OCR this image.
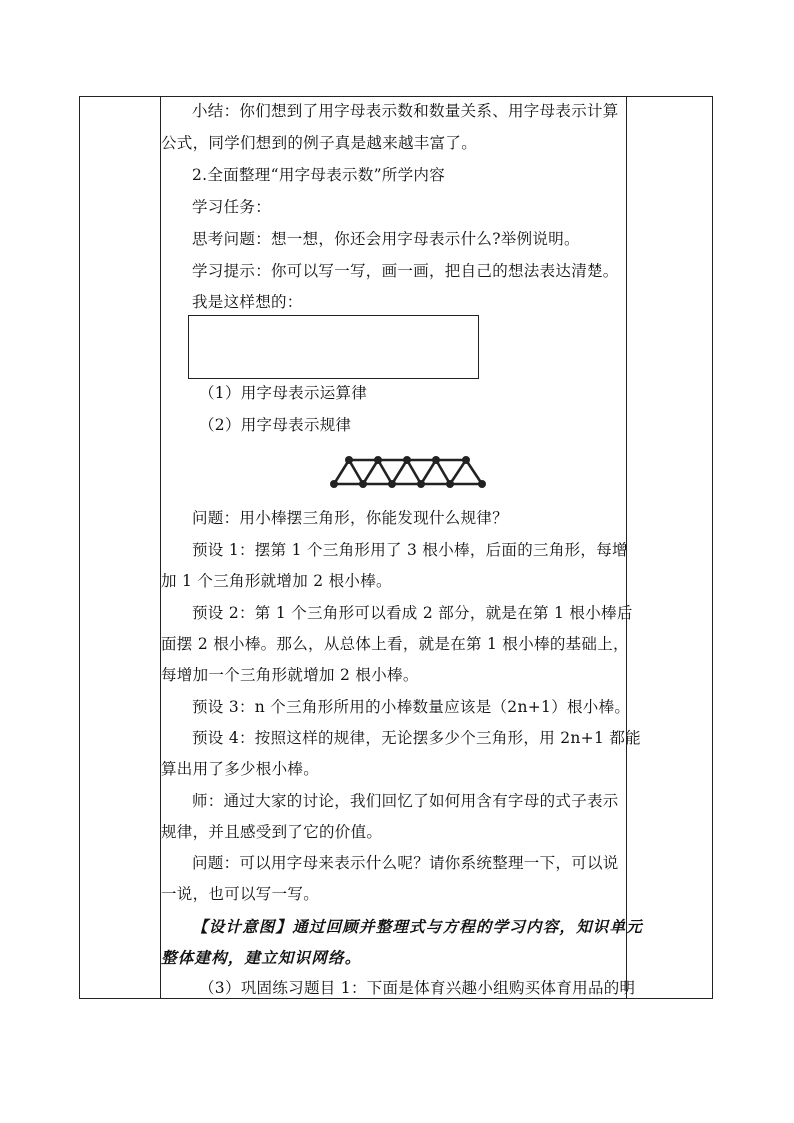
小结：你们想到了用字母表示数和数量关系、用字母表示计算
公式，同学们想到的例子真是越来越丰富了。
2.全面整理“用字母表示数”所学内容
学习任务：
思考问题：想一想，你还会用字母表示什么?举例说明。
学习提示：你可以写一写，画一画，把自己的想法表达清楚。
我是这样想的：
（1）用字母表示运算律
（2）用字母表示规律
问题：用小棒摆三角形，你能发现什么规律？
预设 1：摆第 1 个三角形用了 3 根小棒，后面的三角形，每增
加 1 个三角形就增加 2 根小棒。
预设 2：第 1 个三角形可以看成 2 部分，就是在第 1 根小棒后
面摆 2 根小棒。那么，从总体上看，就是在第 1 根小棒的基础上，
每增加一个三角形就增加 2 根小棒。
预设 3：n 个三角形所用的小棒数量应该是（2n+1）根小棒。
预设 4：按照这样的规律，无论摆多少个三角形，用 2n+1 都能
算出用了多少根小棒。
师：通过大家的讨论，我们回忆了如何用含有字母的式子表示
规律，并且感受到了它的价值。
问题：可以用字母来表示什么呢？请你系统整理一下，可以说
一说，也可以写一写。
【设计意图】通过回顾并整理式与方程的学习内容，知识单元
整体建构，建立知识网络。
（3）巩固练习题目 1：下面是体育兴趣小组购买体育用品的明
